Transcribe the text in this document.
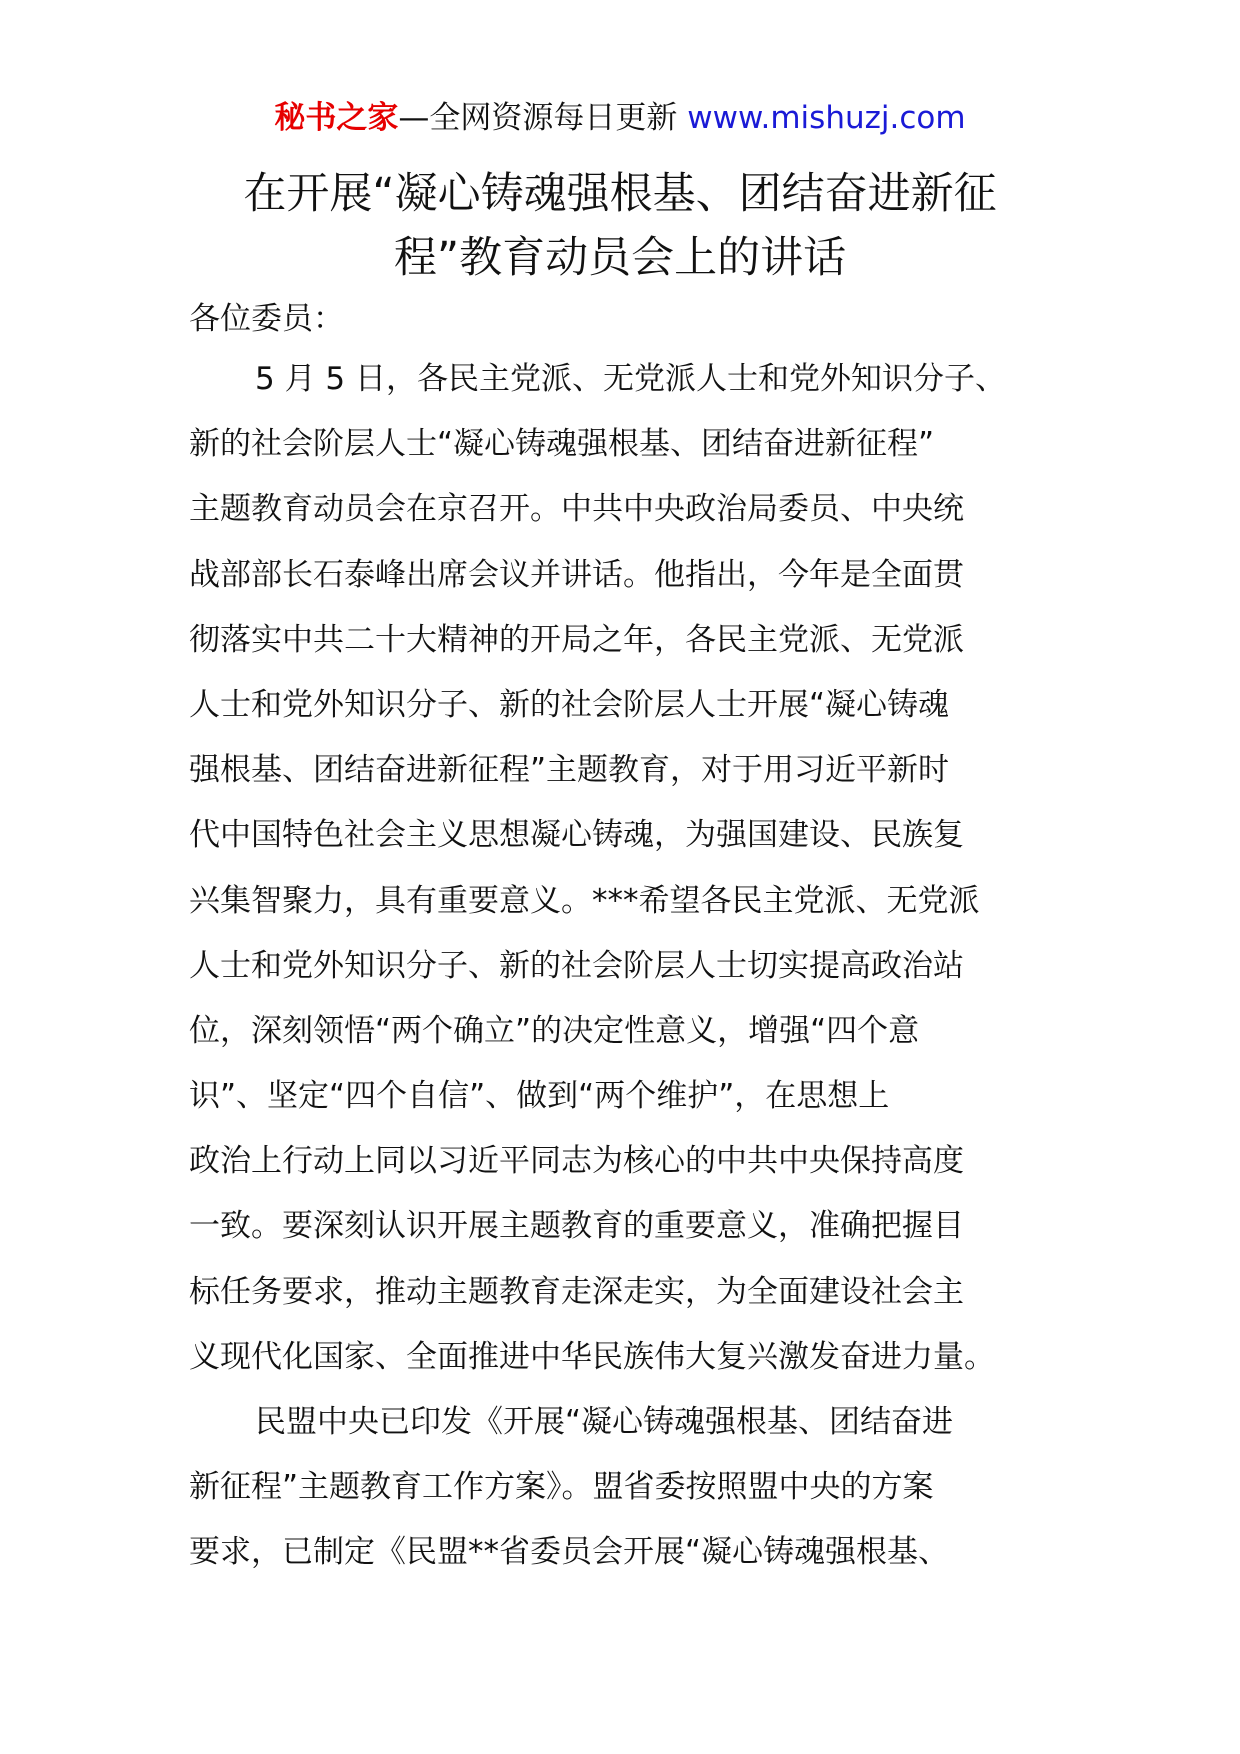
秘书之家—全网资源每日更新 www.mishuzj.com
在开展“凝心铸魂强根基、团结奋进新征
程”教育动员会上的讲话
各位委员：
5 月 5 日，各民主党派、无党派人士和党外知识分子、
新的社会阶层人士“凝心铸魂强根基、团结奋进新征程”
主题教育动员会在京召开。中共中央政治局委员、中央统
战部部长石泰峰出席会议并讲话。他指出，今年是全面贯
彻落实中共二十大精神的开局之年，各民主党派、无党派
人士和党外知识分子、新的社会阶层人士开展“凝心铸魂
强根基、团结奋进新征程”主题教育，对于用习近平新时
代中国特色社会主义思想凝心铸魂，为强国建设、民族复
兴集智聚力，具有重要意义。***希望各民主党派、无党派
人士和党外知识分子、新的社会阶层人士切实提高政治站
位，深刻领悟“两个确立”的决定性意义，增强“四个意
识”、坚定“四个自信”、做到“两个维护”，在思想上
政治上行动上同以习近平同志为核心的中共中央保持高度
一致。要深刻认识开展主题教育的重要意义，准确把握目
标任务要求，推动主题教育走深走实，为全面建设社会主
义现代化国家、全面推进中华民族伟大复兴激发奋进力量。
民盟中央已印发《开展“凝心铸魂强根基、团结奋进
新征程”主题教育工作方案》。盟省委按照盟中央的方案
要求，已制定《民盟**省委员会开展“凝心铸魂强根基、
